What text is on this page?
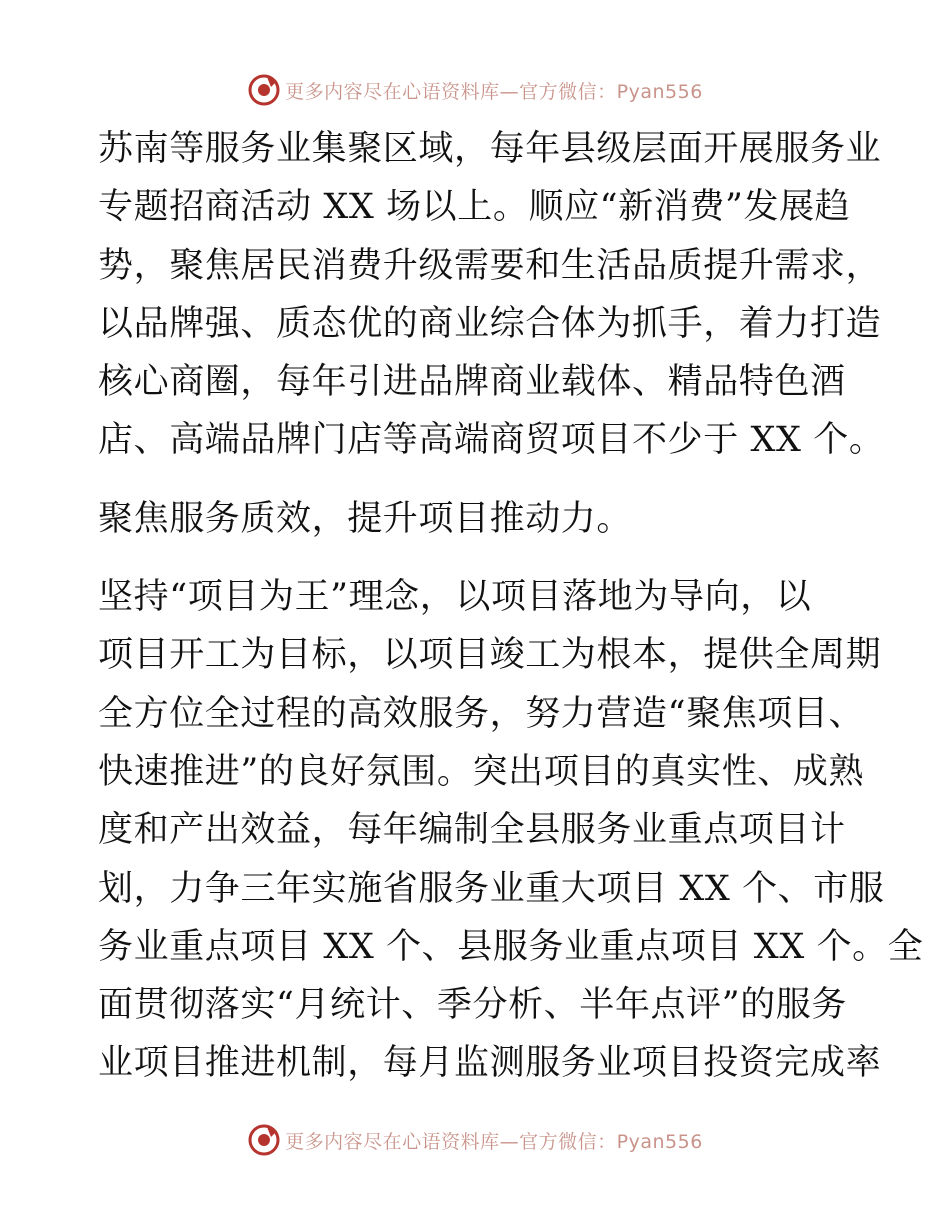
更多内容尽在心语资料库—官方微信：Pyan556
苏南等服务业集聚区域，每年县级层面开展服务业
专题招商活动 XX 场以上。顺应“新消费”发展趋
势，聚焦居民消费升级需要和生活品质提升需求，
以品牌强、质态优的商业综合体为抓手，着力打造
核心商圈，每年引进品牌商业载体、精品特色酒
店、高端品牌门店等高端商贸项目不少于 XX 个。
聚焦服务质效，提升项目推动力。
坚持“项目为王”理念，以项目落地为导向，以
项目开工为目标，以项目竣工为根本，提供全周期
全方位全过程的高效服务，努力营造“聚焦项目、
快速推进”的良好氛围。突出项目的真实性、成熟
度和产出效益，每年编制全县服务业重点项目计
划，力争三年实施省服务业重大项目 XX 个、市服
务业重点项目 XX 个、县服务业重点项目 XX 个。全
面贯彻落实“月统计、季分析、半年点评”的服务
业项目推进机制，每月监测服务业项目投资完成率
更多内容尽在心语资料库—官方微信：Pyan556
